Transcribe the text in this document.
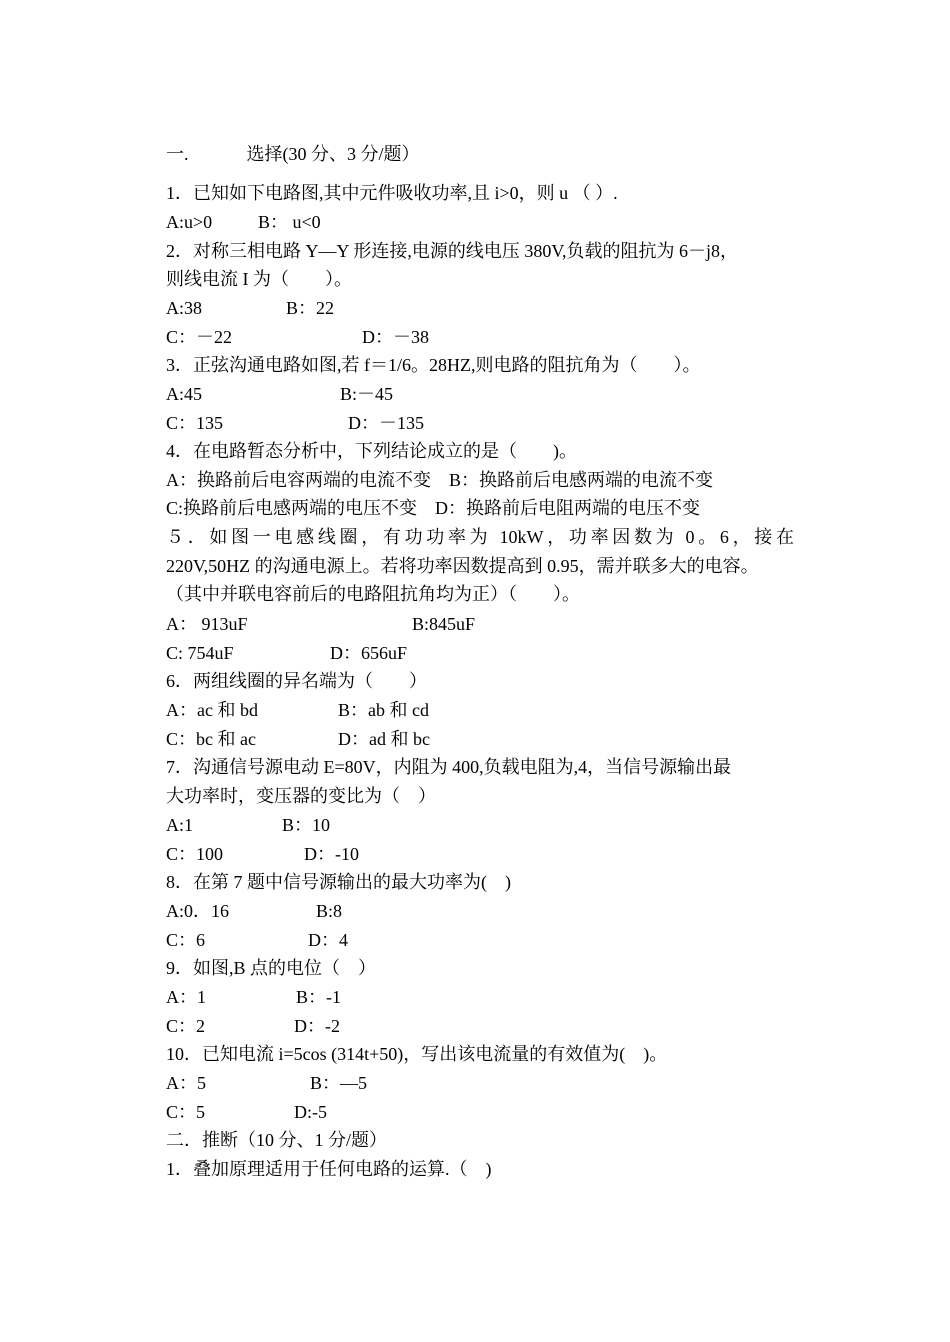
一.	选择(30 分、3 分/题）
1．已知如下电路图,其中元件吸收功率,且 i>0，则 u （ ）.
A:u>0	B： u<0
2．对称三相电路 Y—Y 形连接,电源的线电压 380V,负载的阻抗为 6－j8，
则线电流 I 为（　　）。
A:38	B：22
C：－22	D：－38
3．正弦沟通电路如图,若 f＝1/6。28HZ,则电路的阻抗角为（　　）。
A:45	B:－45
C：135	D：－135
4．在电路暂态分析中，下列结论成立的是（　　)。
A：换路前后电容两端的电流不变　B：换路前后电感两端的电流不变
C:换路前后电感两端的电压不变　D：换路前后电阻两端的电压不变
５．如图一电感线圈，有功功率为 10kW，功率因数为 0。6，接在
220V,50HZ 的沟通电源上。若将功率因数提高到 0.95，需并联多大的电容。
（其中并联电容前后的电路阻抗角均为正）（　　）。
A： 913uF	B:845uF
C: 754uF	D：656uF
6．两组线圈的异名端为（　　）
A：ac 和 bd	B：ab 和 cd
C：bc 和 ac	D：ad 和 bc
7．沟通信号源电动 E=80V，内阻为 400,负载电阻为,4，当信号源输出最
大功率时，变压器的变比为（　）
A:1	B：10
C：100	D：-10
8．在第 7 题中信号源输出的最大功率为(　)
A:0．16	B:8
C：6	D：4
9．如图,B 点的电位（　）
A：1	B：-1
C：2	D：-2
10．已知电流 i=5cos (314t+50)，写出该电流量的有效值为(　)。
A：5	B：—5
C：5	D:-5
二．推断（10 分、1 分/题）
1．叠加原理适用于任何电路的运算.（　)
